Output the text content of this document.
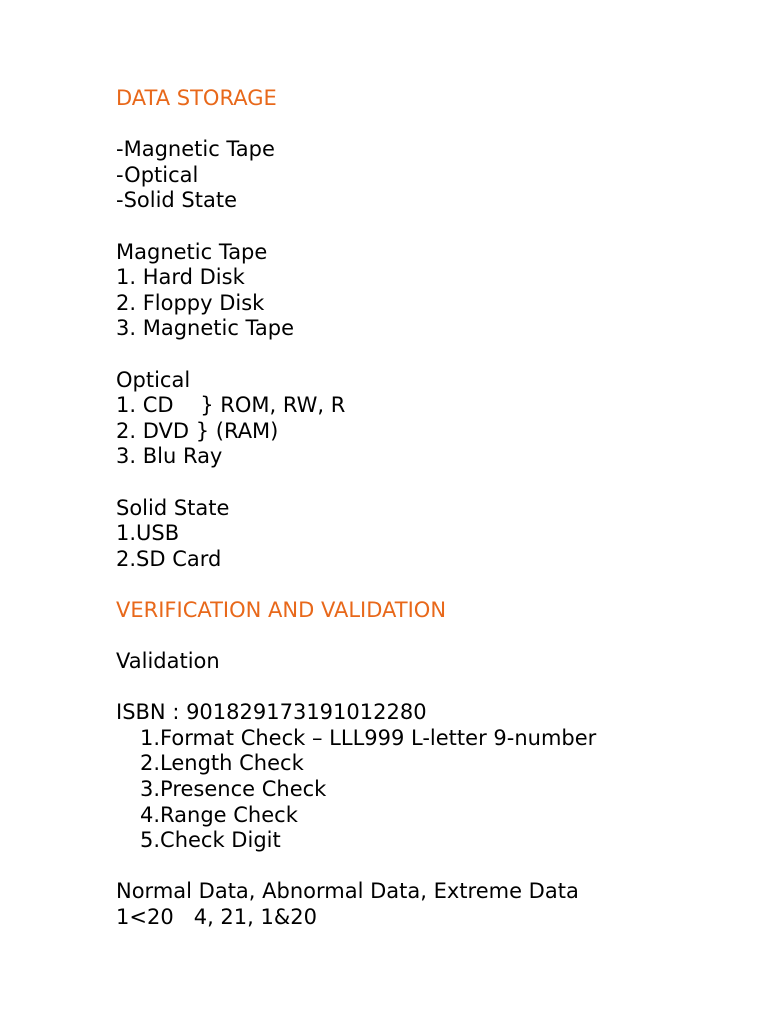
DATA STORAGE
-Magnetic Tape
-Optical
-Solid State
Magnetic Tape
1. Hard Disk
2. Floppy Disk
3. Magnetic Tape
Optical
1. CD    } ROM, RW, R
2. DVD } (RAM)
3. Blu Ray
Solid State
1.USB
2.SD Card
VERIFICATION AND VALIDATION
Validation
ISBN : 901829173191012280
1.Format Check – LLL999 L-letter 9-number
2.Length Check
3.Presence Check
4.Range Check
5.Check Digit
Normal Data, Abnormal Data, Extreme Data
1<20   4, 21, 1&20
